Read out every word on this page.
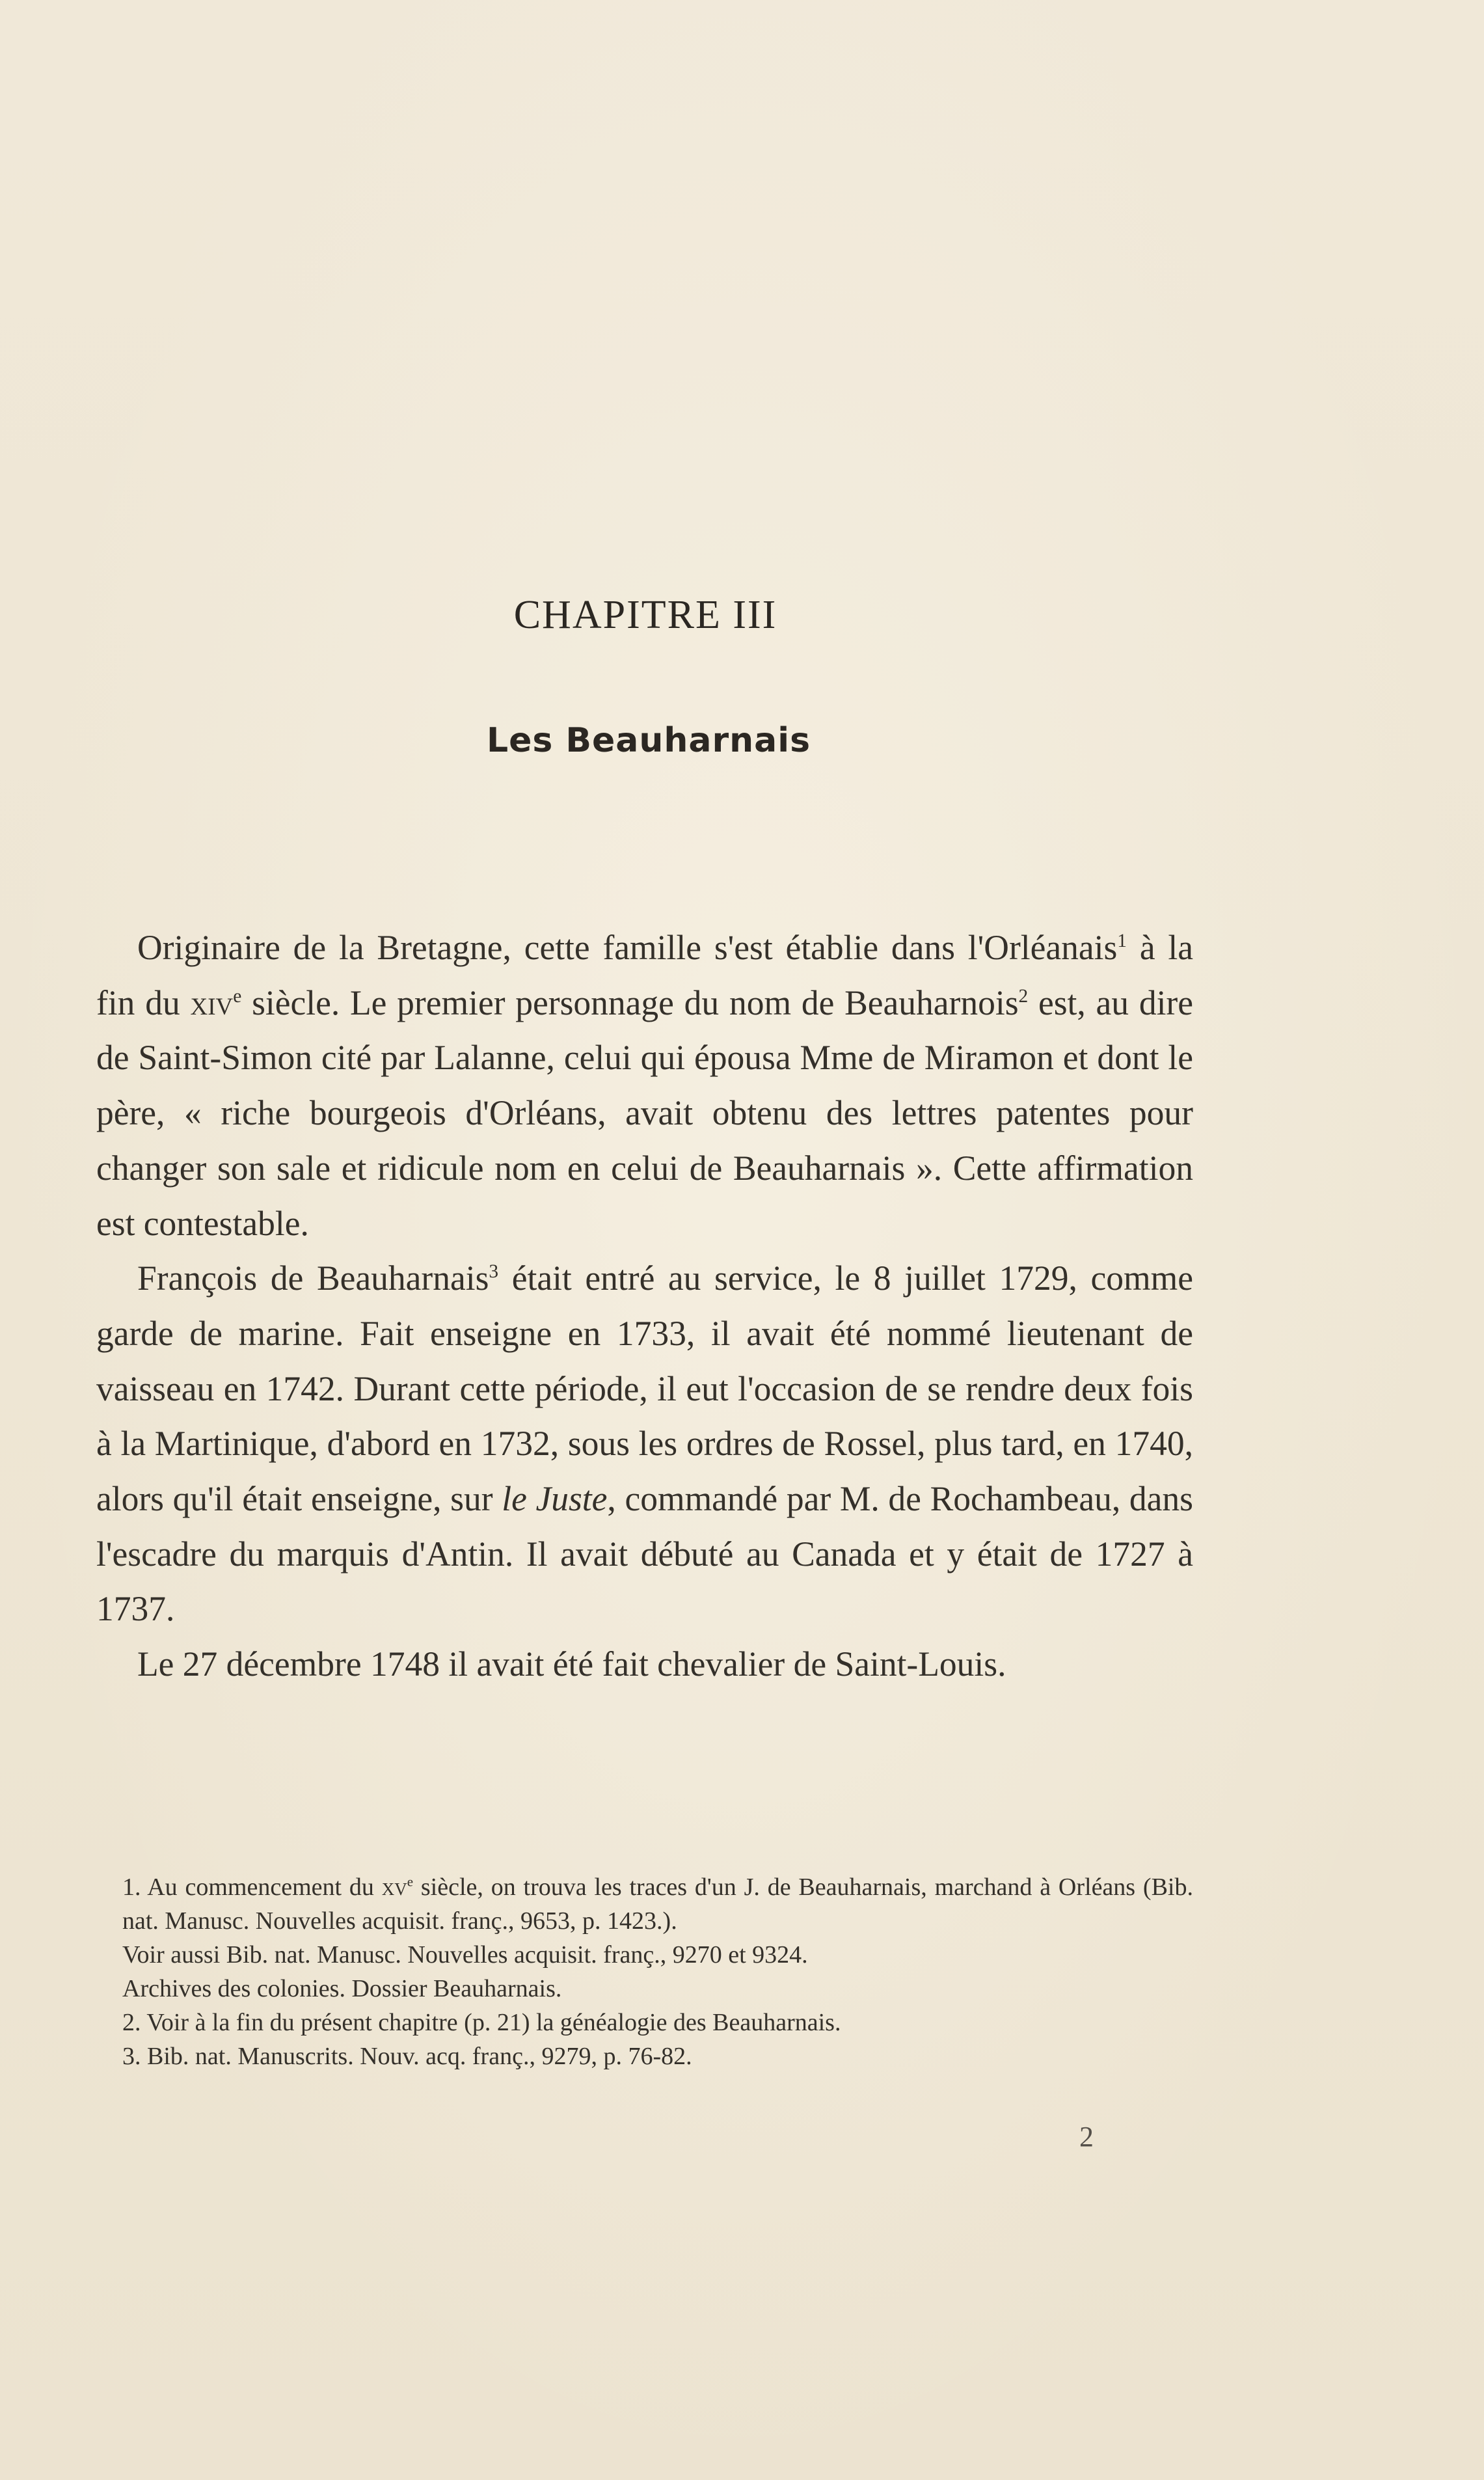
CHAPITRE III
Les Beauharnais

Originaire de la Bretagne, cette famille s'est établie dans l'Orléanais$^1$ à la fin du xiv$^e$ siècle. Le premier personnage du nom de Beauharnois$^2$ est, au dire de Saint-Simon cité par Lalanne, celui qui épousa Mme de Miramon et dont le père, « riche bourgeois d'Orléans, avait obtenu des lettres patentes pour changer son sale et ridicule nom en celui de Beauharnais ». Cette affirmation est contestable.

François de Beauharnais$^3$ était entré au service, le 8 juillet 1729, comme garde de marine. Fait enseigne en 1733, il avait été nommé lieutenant de vaisseau en 1742. Durant cette période, il eut l'occasion de se rendre deux fois à la Martinique, d'abord en 1732, sous les ordres de Rossel, plus tard, en 1740, alors qu'il était enseigne, sur le Juste, commandé par M. de Rochambeau, dans l'escadre du marquis d'Antin. Il avait débuté au Canada et y était de 1727 à 1737.

Le 27 décembre 1748 il avait été fait chevalier de Saint-Louis.

1. Au commencement du $xv^e$ siècle, on trouva les traces d'un J. de Beauharnais, marchand à Orléans (Bib. nat. Manusc. Nouvelles acquisit. franç., 9653, p. 1423.).

Voir aussi Bib. nat. Manusc. Nouvelles acquisit. franç., 9270 et 9324.

Archives des colonies. Dossier Beauharnais.

2. Voir à la fin du présent chapitre (p. 21) la généalogie des Beauharnais.

3. Bib. nat. Manuscrits. Nouv. acq. franç., 9279, p. 76-82.

2
